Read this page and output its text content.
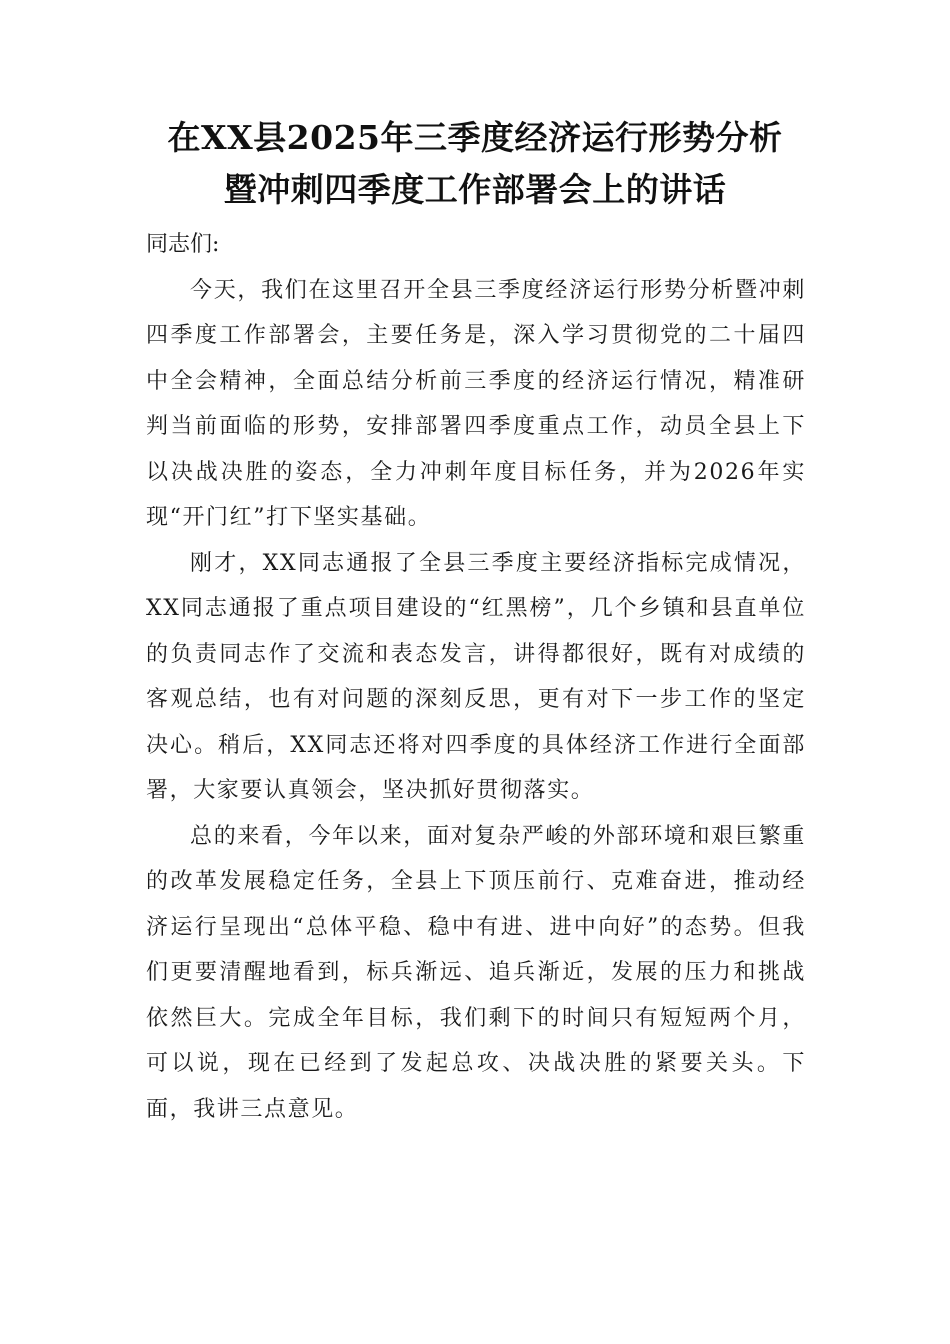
在XX县2025年三季度经济运行形势分析
暨冲刺四季度工作部署会上的讲话

同志们:

今天，我们在这里召开全县三季度经济运行形势分析暨冲刺四季度工作部署会，主要任务是，深入学习贯彻党的二十届四中全会精神，全面总结分析前三季度的经济运行情况，精准研判当前面临的形势，安排部署四季度重点工作，动员全县上下以决战决胜的姿态，全力冲刺年度目标任务，并为2026年实现“开门红”打下坚实基础。

刚才，XX同志通报了全县三季度主要经济指标完成情况，XX同志通报了重点项目建设的“红黑榜”，几个乡镇和县直单位的负责同志作了交流和表态发言，讲得都很好，既有对成绩的客观总结，也有对问题的深刻反思，更有对下一步工作的坚定决心。稍后，XX同志还将对四季度的具体经济工作进行全面部署，大家要认真领会，坚决抓好贯彻落实。

总的来看，今年以来，面对复杂严峻的外部环境和艰巨繁重的改革发展稳定任务，全县上下顶压前行、克难奋进，推动经济运行呈现出“总体平稳、稳中有进、进中向好”的态势。但我们更要清醒地看到，标兵渐远、追兵渐近，发展的压力和挑战依然巨大。完成全年目标，我们剩下的时间只有短短两个月，可以说，现在已经到了发起总攻、决战决胜的紧要关头。下面，我讲三点意见。
